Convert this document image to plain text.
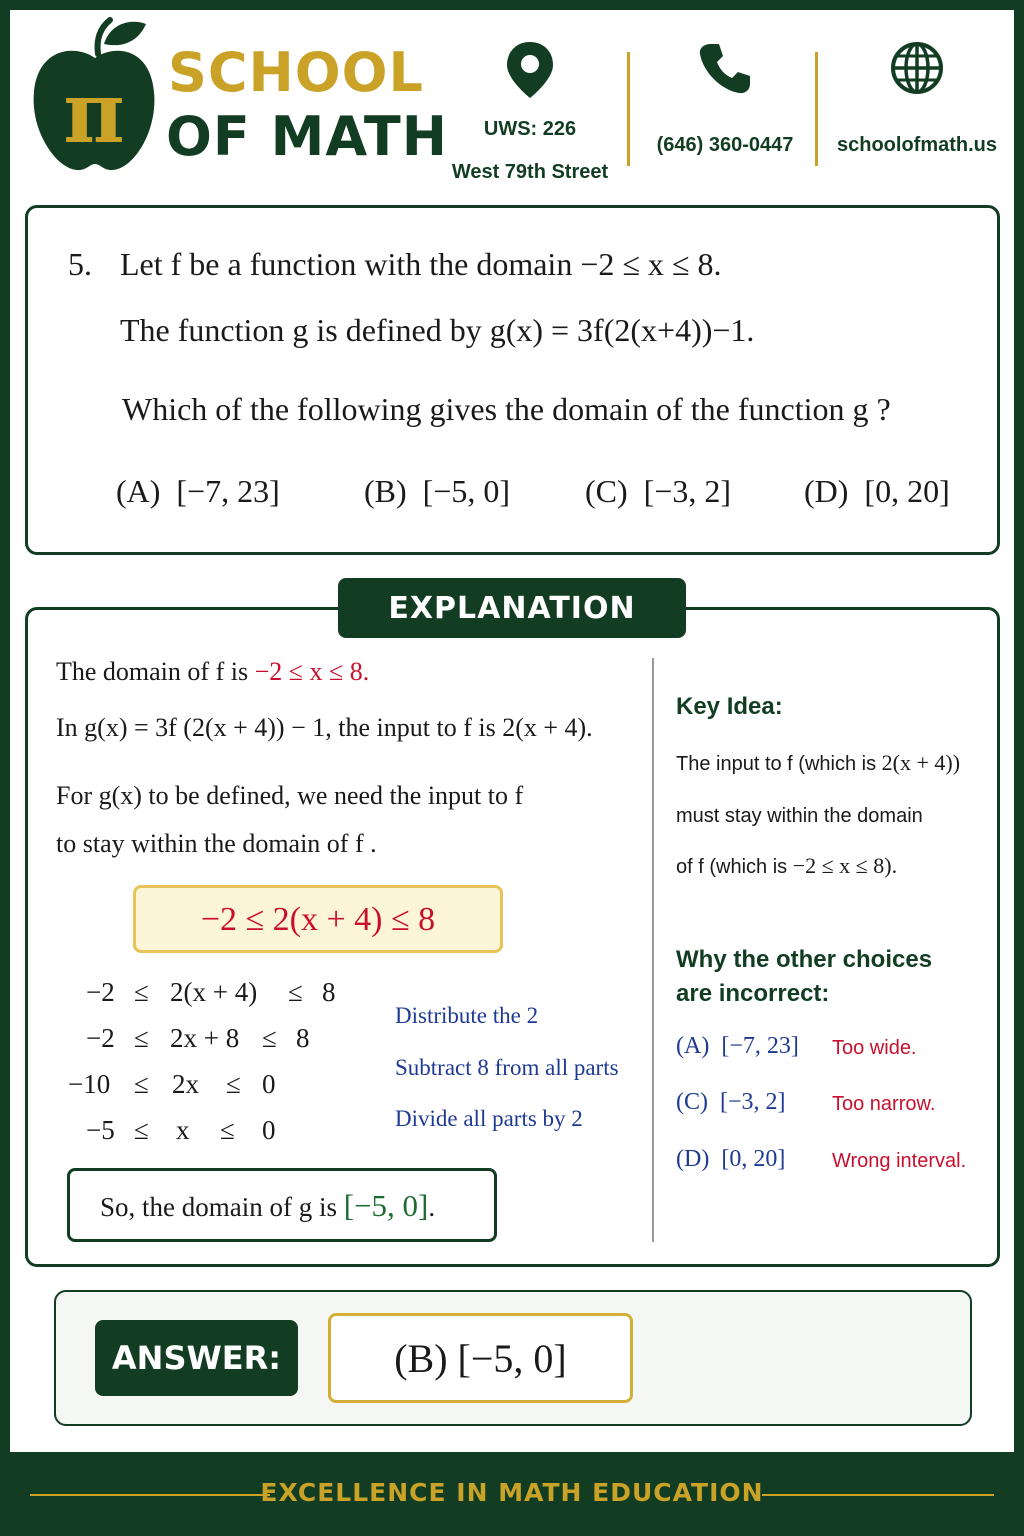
π SCHOOL
OF MATH	UWS: 226
West 79th Street
(646) 360-0447	schoolofmath.us
5. Let f be a function with the domain −2 ≤ x ≤ 8.
The function g is defined by g(x) = 3f(2(x+4))−1.
Which of the following gives the domain of the function g ?
(A) [−7, 23]	(B) [−5, 0] (C) [−3, 2] (D) [0, 20]
EXPLANATION
The domain of f is −2 ≤ x ≤ 8.
In g(x) = 3f (2(x + 4)) − 1, the input to f is 2(x + 4).
For g(x) to be defined, we need the input to f
to stay within the domain of f .
−2 ≤ 2(x + 4) ≤ 8
−2 ≤ 2(x + 4) ≤ 8
−2 ≤ 2x + 8 ≤ 8
−10 ≤ 2x ≤ 0
−5 ≤ x ≤ 0
Distribute the 2
Subtract 8 from all parts
Divide all parts by 2
So, the domain of g is [−5, 0].
Key Idea:
The input to f (which is 2(x + 4))
must stay within the domain
of f (which is −2 ≤ x ≤ 8).
Why the other choices
are incorrect:
(A) [−7, 23] Too wide.
(C) [−3, 2] Too narrow.
(D) [0, 20] Wrong interval.
ANSWER:	(B) [−5, 0]
EXCELLENCE IN MATH EDUCATION
